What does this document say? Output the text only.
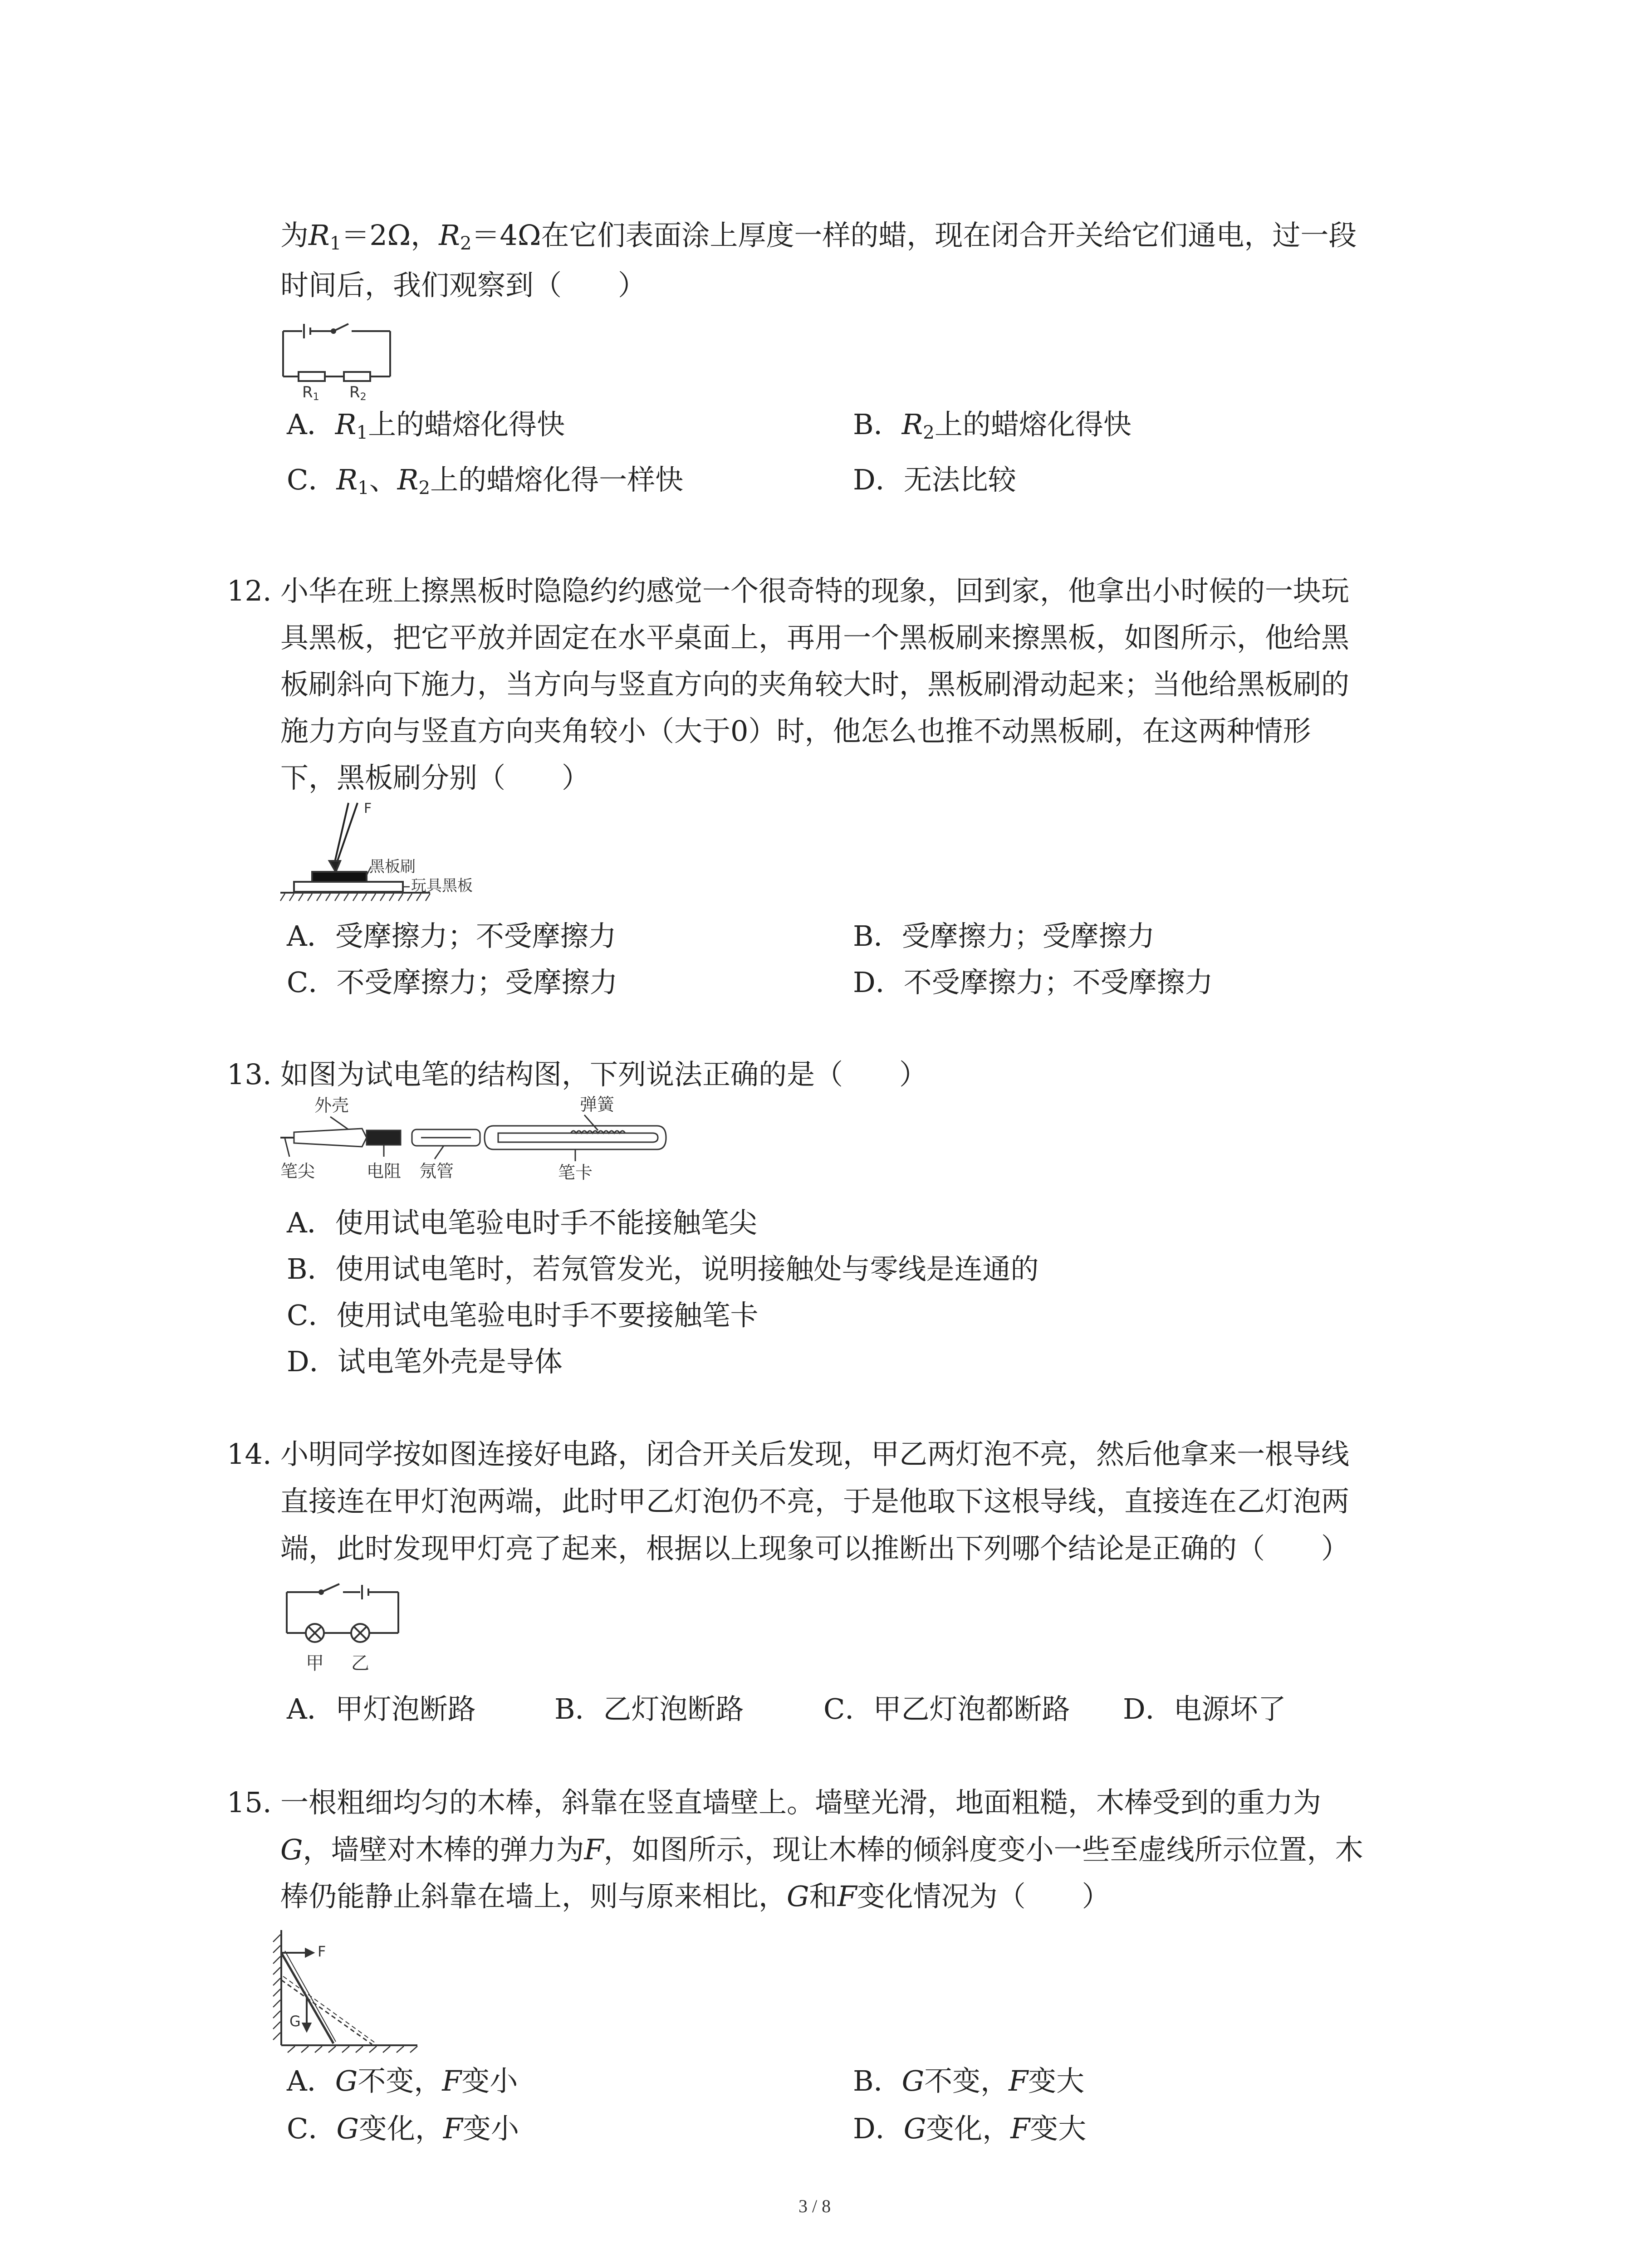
为$R_1=2\Omega$，$R_2=4\Omega$在它们表面涂上厚度一样的蜡，现在闭合开关给它们通电，过一段
时间后，我们观察到（　　）
R1 R2
A．$R_1$上的蜡熔化得快	B．$R_2$上的蜡熔化得快
C．$R_1$、$R_2$上的蜡熔化得一样快	D．无法比较
12. 小华在班上擦黑板时隐隐约约感觉一个很奇特的现象，回到家，他拿出小时候的一块玩
具黑板，把它平放并固定在水平桌面上，再用一个黑板刷来擦黑板，如图所示，他给黑
板刷斜向下施力，当方向与竖直方向的夹角较大时，黑板刷滑动起来；当他给黑板刷的
施力方向与竖直方向夹角较小（大于0）时，他怎么也推不动黑板刷，在这两种情形
下，黑板刷分别（　　）
F
黑板刷
玩具黑板
A．受摩擦力；不受摩擦力	B．受摩擦力；受摩擦力
C．不受摩擦力；受摩擦力	D．不受摩擦力；不受摩擦力
13. 如图为试电笔的结构图，下列说法正确的是（　　）
外壳	弹簧
笔尖	电阻 氖管	笔卡
A．使用试电笔验电时手不能接触笔尖
B．使用试电笔时，若氖管发光，说明接触处与零线是连通的
C．使用试电笔验电时手不要接触笔卡
D．试电笔外壳是导体
14. 小明同学按如图连接好电路，闭合开关后发现，甲乙两灯泡不亮，然后他拿来一根导线
直接连在甲灯泡两端，此时甲乙灯泡仍不亮，于是他取下这根导线，直接连在乙灯泡两
端，此时发现甲灯亮了起来，根据以上现象可以推断出下列哪个结论是正确的（　　）
甲 乙
A．甲灯泡断路	B．乙灯泡断路	C．甲乙灯泡都断路 D．电源坏了
15. 一根粗细均匀的木棒，斜靠在竖直墙壁上。墙壁光滑，地面粗糙，木棒受到的重力为
G，墙壁对木棒的弹力为F，如图所示，现让木棒的倾斜度变小一些至虚线所示位置，木
棒仍能静止斜靠在墙上，则与原来相比，G和F变化情况为（　　）
F
G
A．G不变，F变小	B．G不变，F变大
C．G变化，F变小	D．G变化，F变大
3 / 8
